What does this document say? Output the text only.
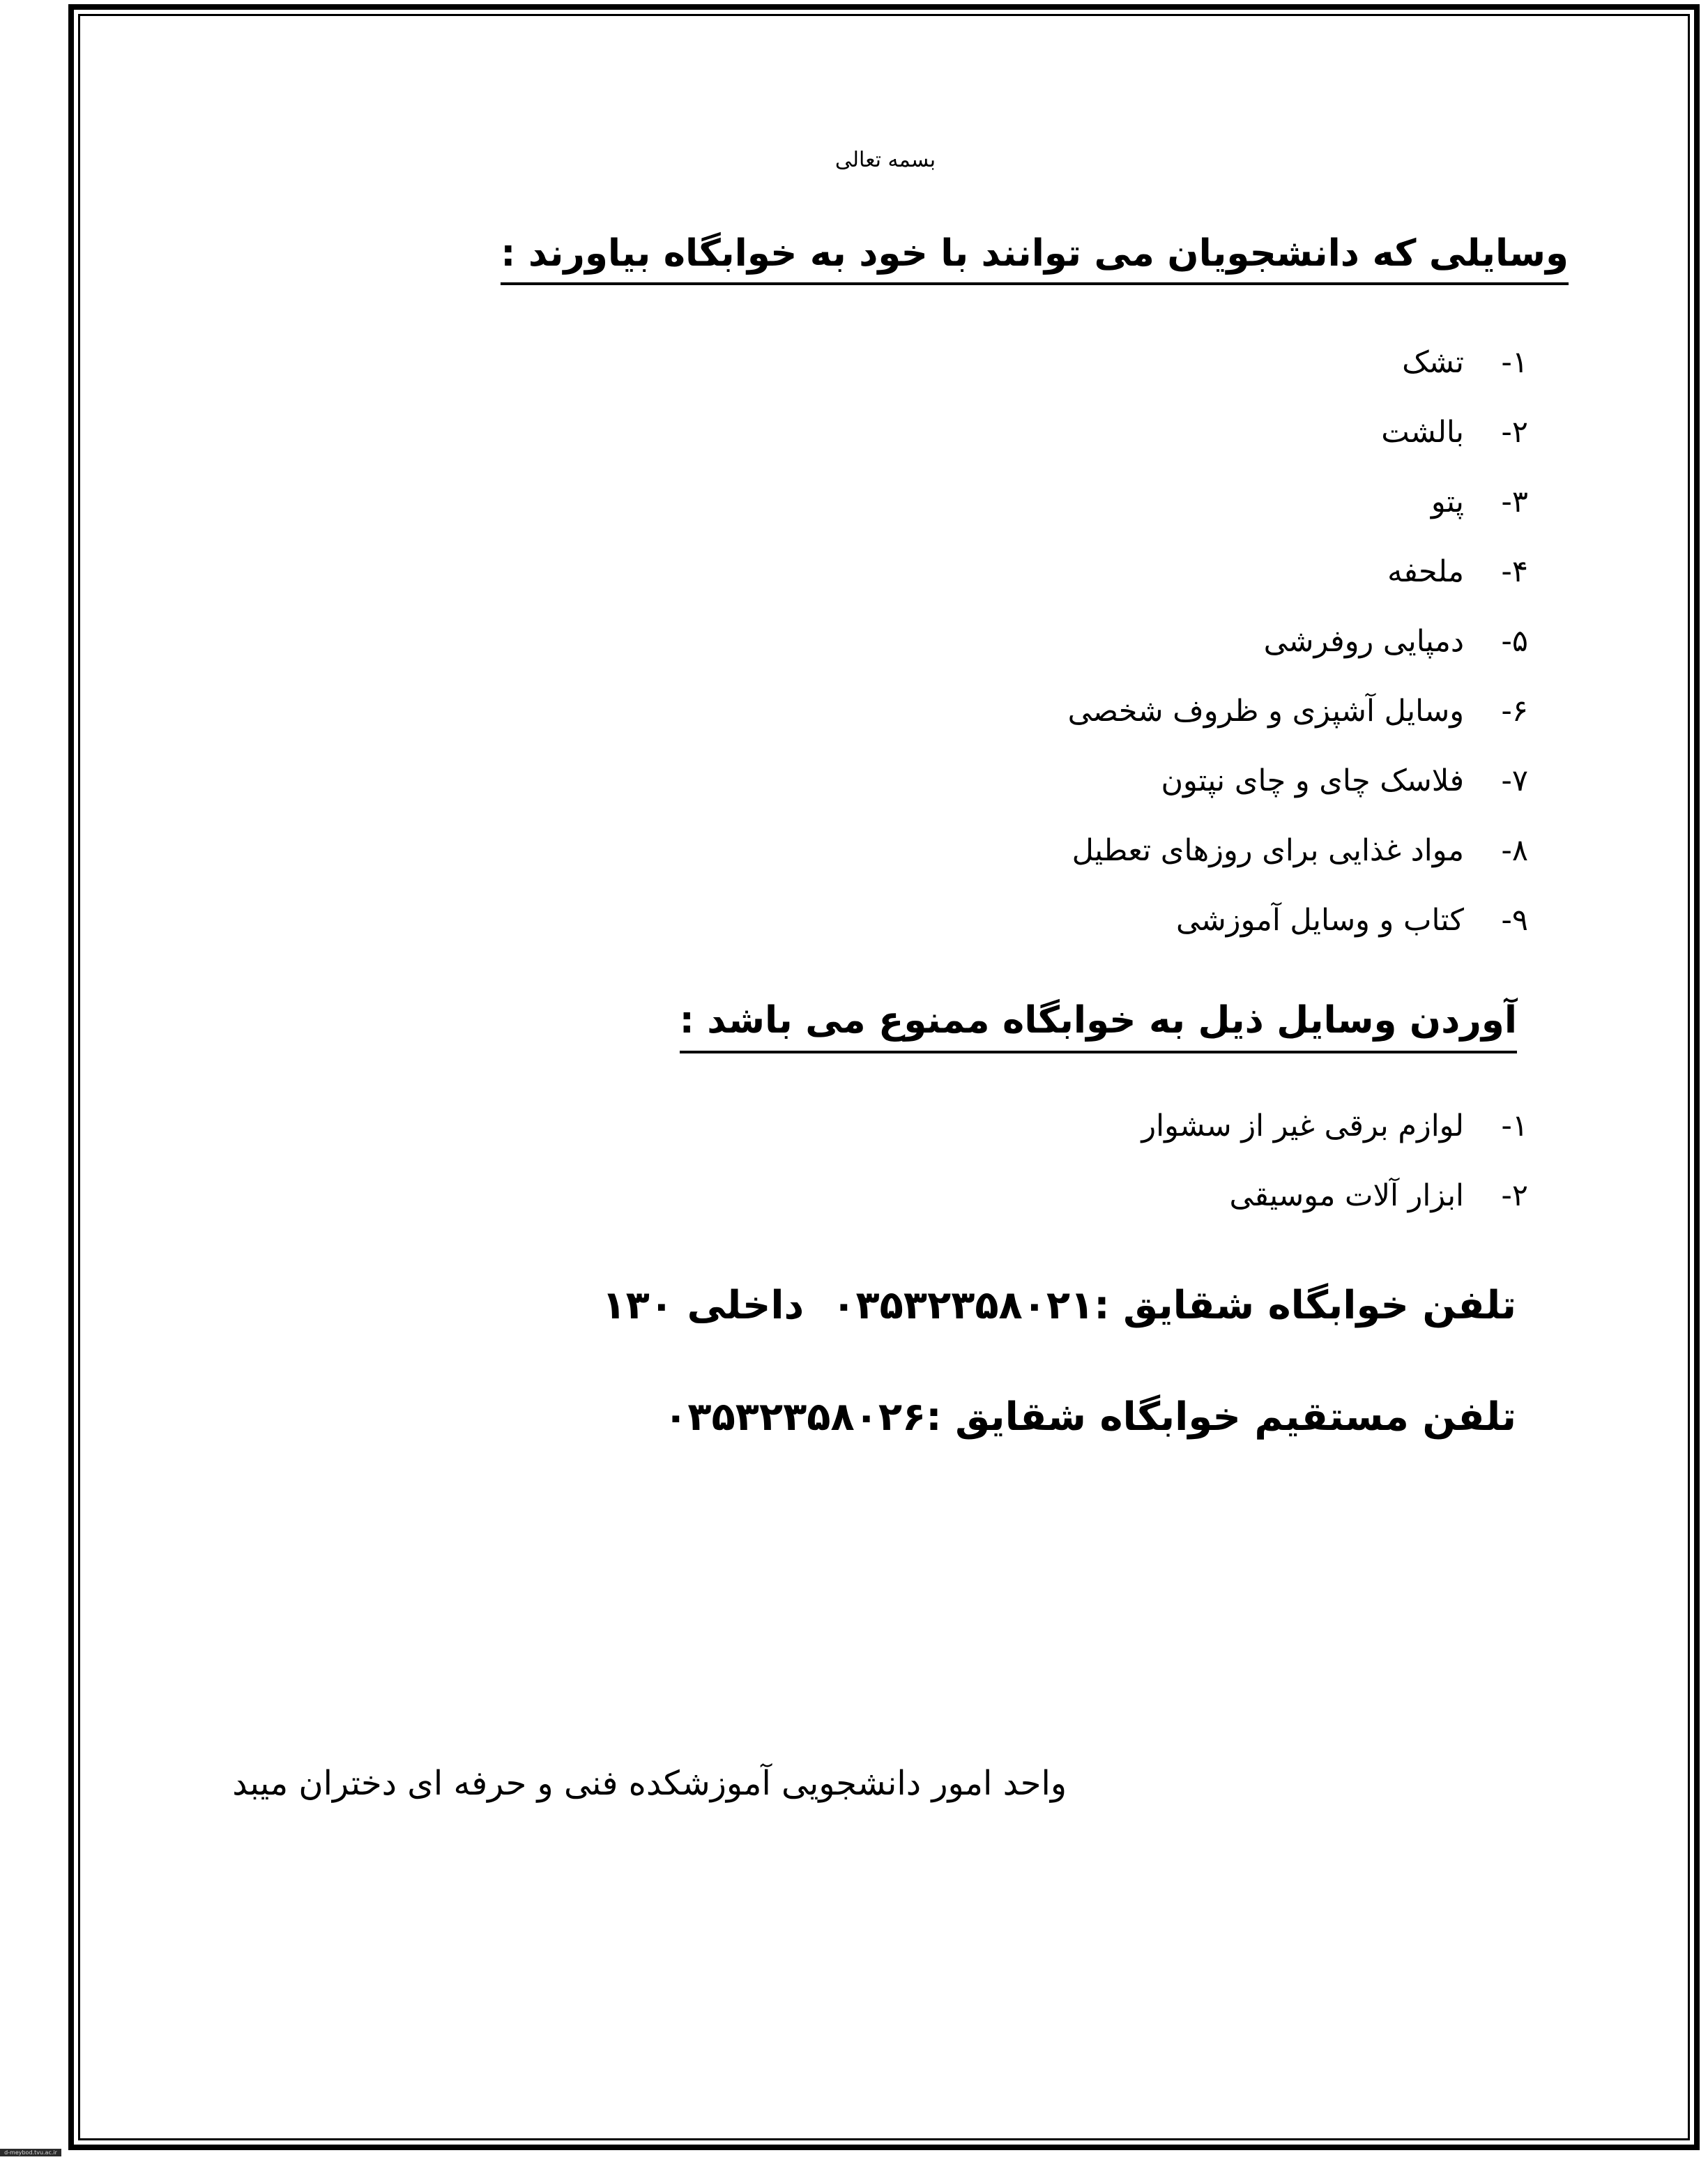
بسمه تعالی
وسایلی که دانشجویان می توانند با خود به خوابگاه بیاورند :
۱-
تشک
۲-
بالشت
۳-
پتو
۴-
ملحفه
۵-
دمپایی روفرشی
۶-
وسایل آشپزی و ظروف شخصی
۷-
فلاسک چای و چای نپتون
۸-
مواد غذایی برای روزهای تعطیل
۹-
کتاب و وسایل آموزشی
آوردن وسایل ذیل به خوابگاه ممنوع می باشد :
۱-
لوازم برقی غیر از سشوار
۲-
ابزار آلات موسیقی
تلفن خوابگاه شقایق :۰۳۵۳۲۳۵۸۰۲۱داخلی ۱۳۰
تلفن مستقیم خوابگاه شقایق :۰۳۵۳۲۳۵۸۰۲۶
واحد امور دانشجویی آموزشکده فنی و حرفه ای دختران میبد
d-meybod.tvu.ac.ir
